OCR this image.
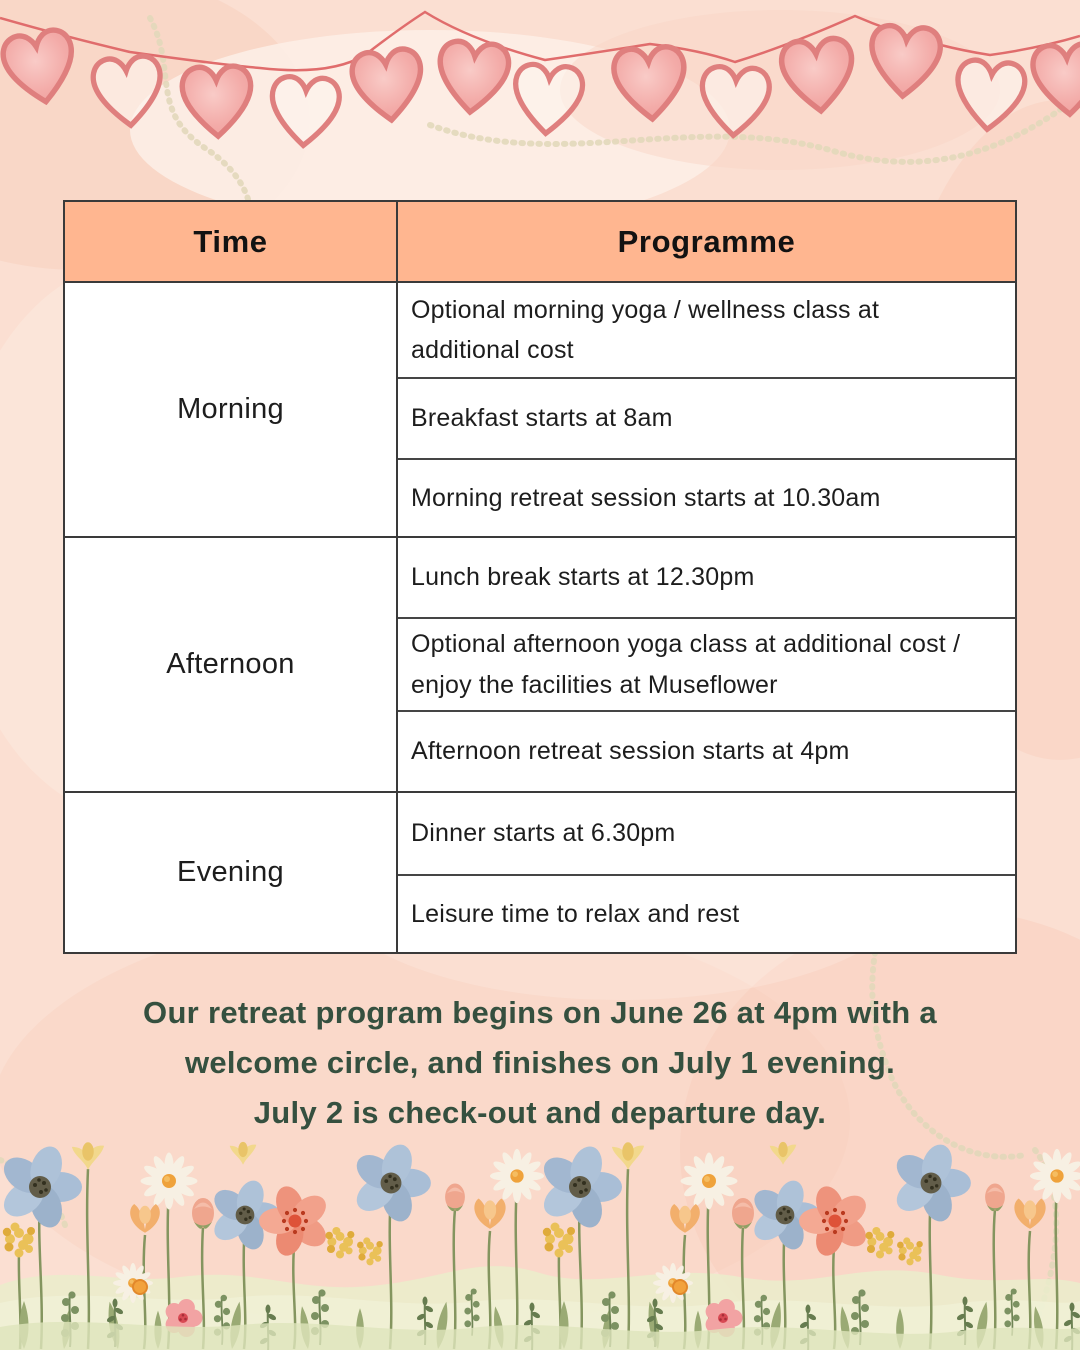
Time	Programme
Morning
Optional morning yoga / wellness class at additional cost
Breakfast starts at 8am
Morning retreat session starts at 10.30am
Afternoon
Lunch break starts at 12.30pm
Optional afternoon yoga class at additional cost / enjoy the facilities at Museflower
Afternoon retreat session starts at 4pm
Evening
Dinner starts at 6.30pm
Leisure time to relax and rest

Our retreat program begins on June 26 at 4pm with a

welcome circle, and finishes on July 1 evening.

July 2 is check-out and departure day.
